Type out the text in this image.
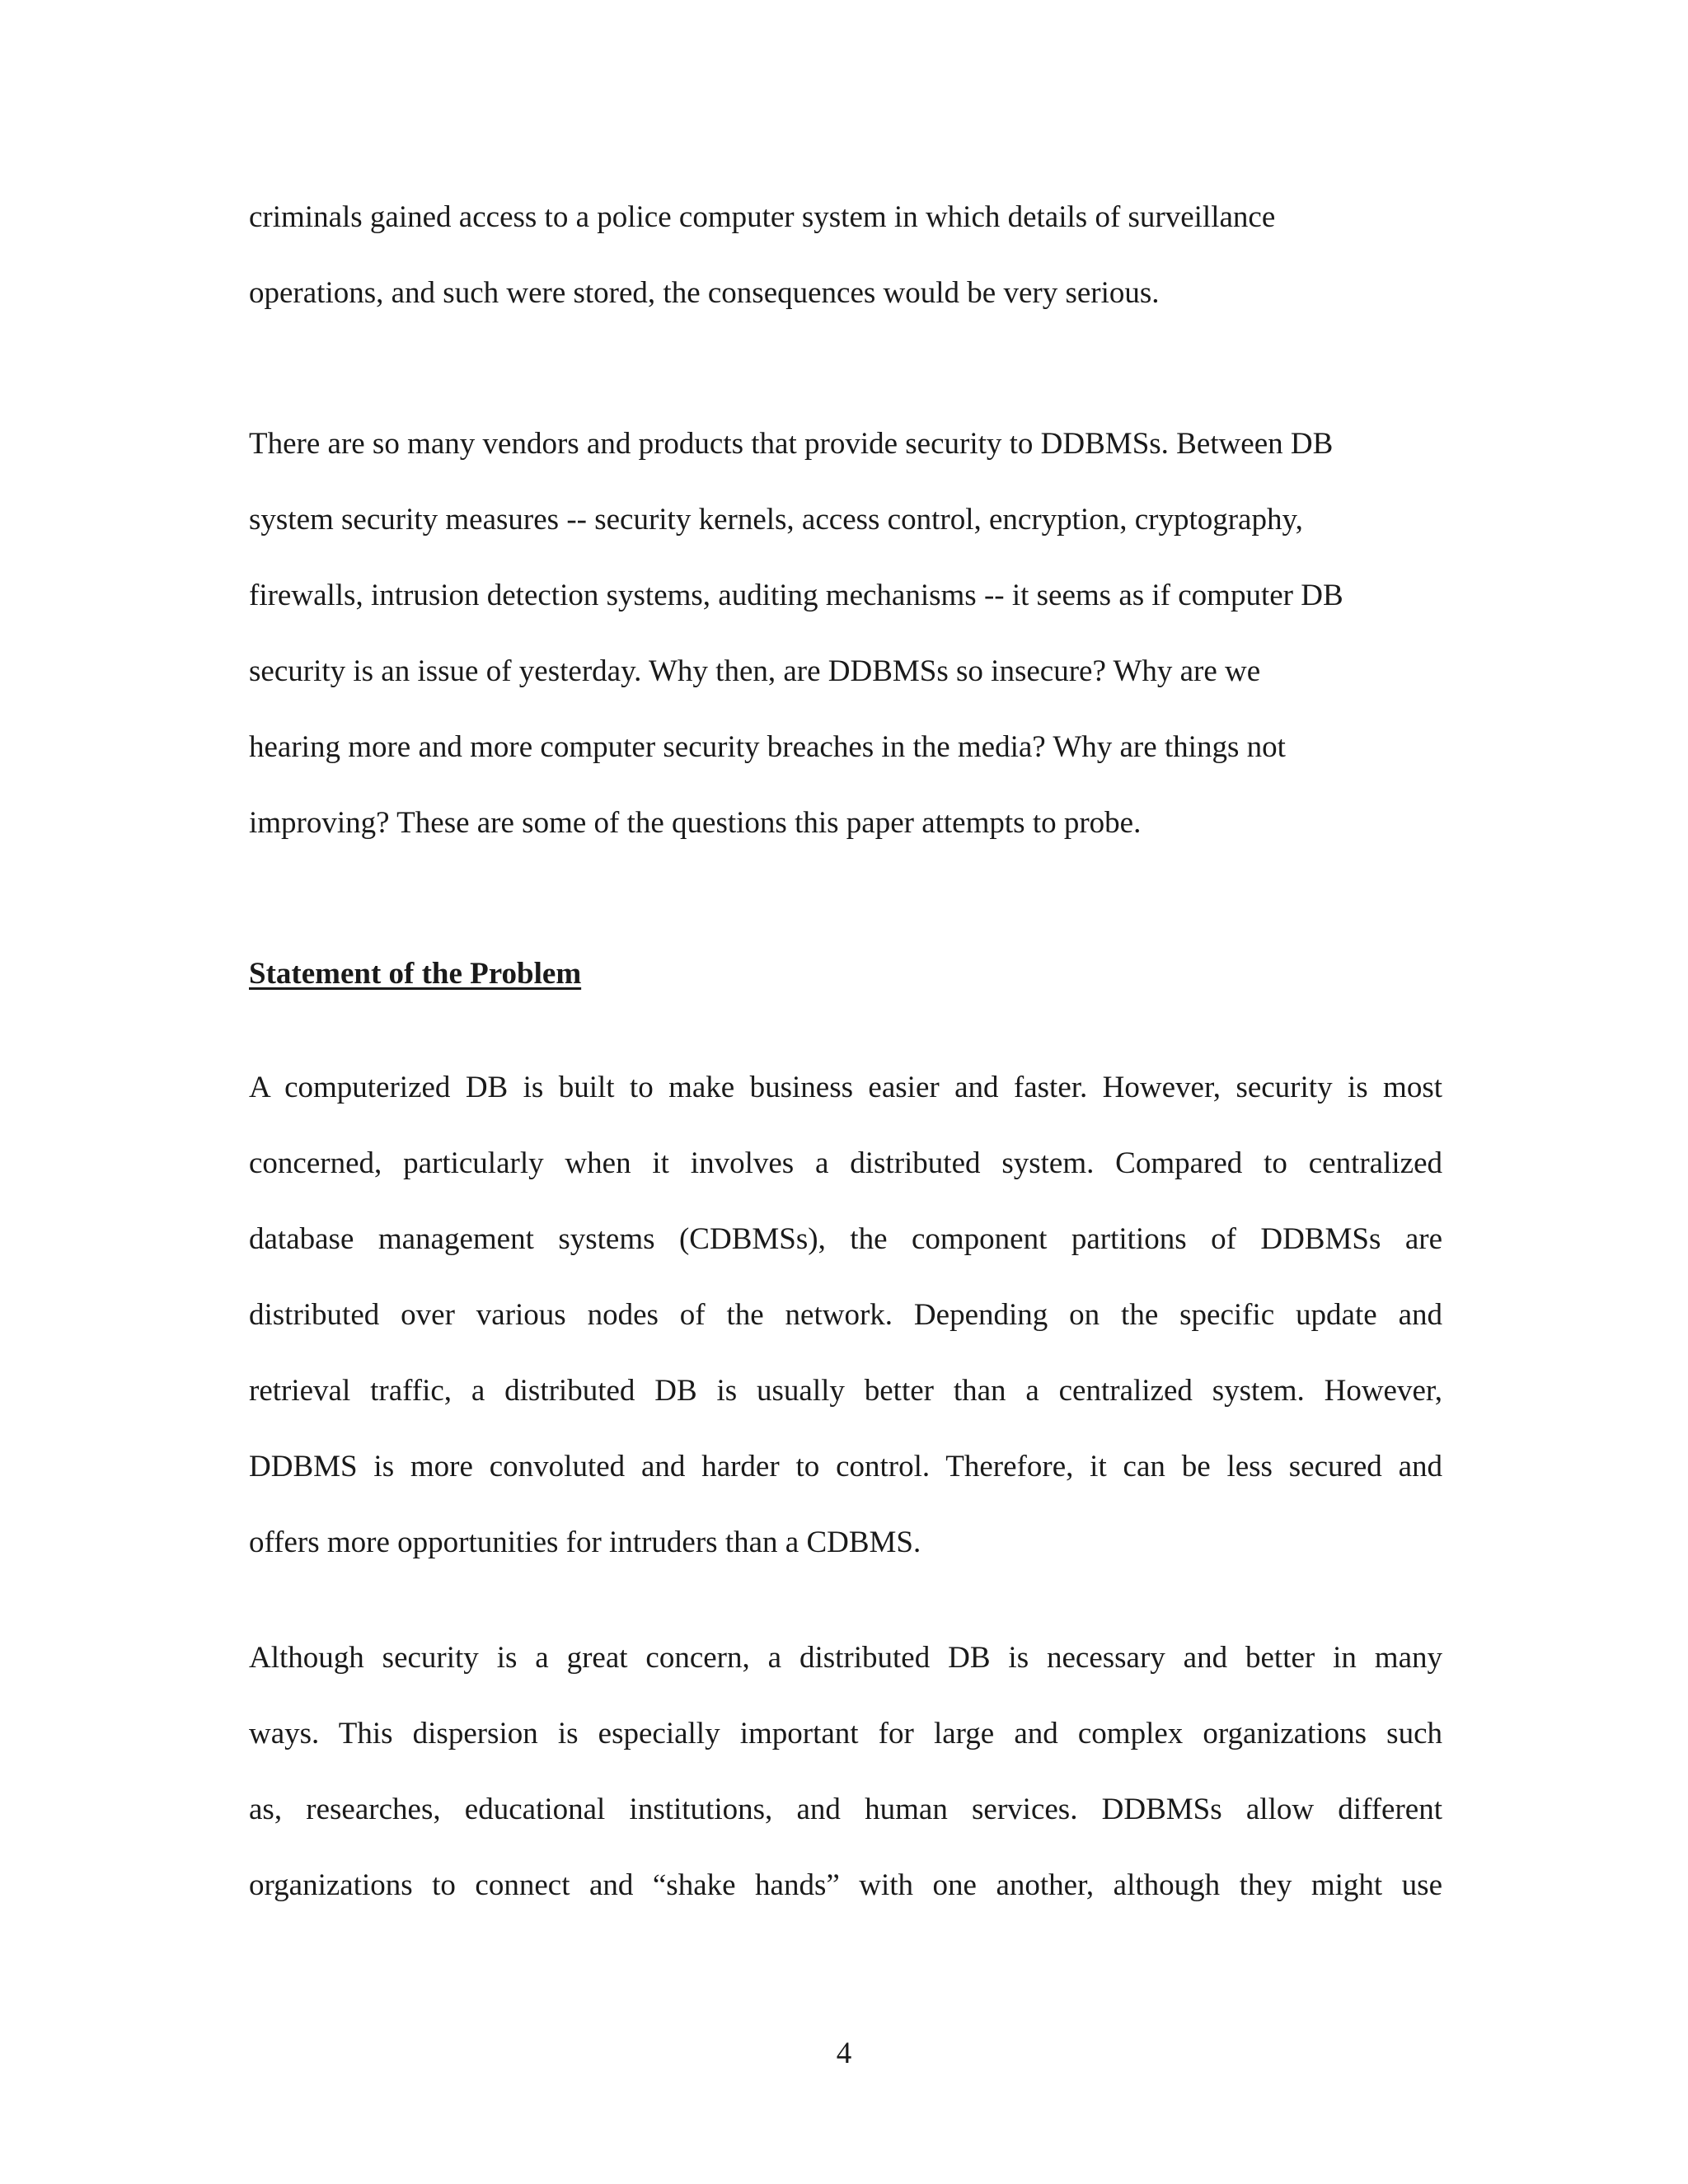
criminals gained access to a police computer system in which details of surveillance
operations, and such were stored, the consequences would be very serious.

There are so many vendors and products that provide security to DDBMSs. Between DB
system security measures -- security kernels, access control, encryption, cryptography,
firewalls, intrusion detection systems, auditing mechanisms -- it seems as if computer DB
security is an issue of yesterday. Why then, are DDBMSs so insecure? Why are we
hearing more and more computer security breaches in the media? Why are things not
improving? These are some of the questions this paper attempts to probe.

Statement of the Problem

A computerized DB is built to make business easier and faster. However, security is most
concerned, particularly when it involves a distributed system. Compared to centralized
database management systems (CDBMSs), the component partitions of DDBMSs are
distributed over various nodes of the network. Depending on the specific update and
retrieval traffic, a distributed DB is usually better than a centralized system. However,
DDBMS is more convoluted and harder to control. Therefore, it can be less secured and
offers more opportunities for intruders than a CDBMS.

Although security is a great concern, a distributed DB is necessary and better in many
ways. This dispersion is especially important for large and complex organizations such
as, researches, educational institutions, and human services. DDBMSs allow different
organizations to connect and “shake hands” with one another, although they might use

4
